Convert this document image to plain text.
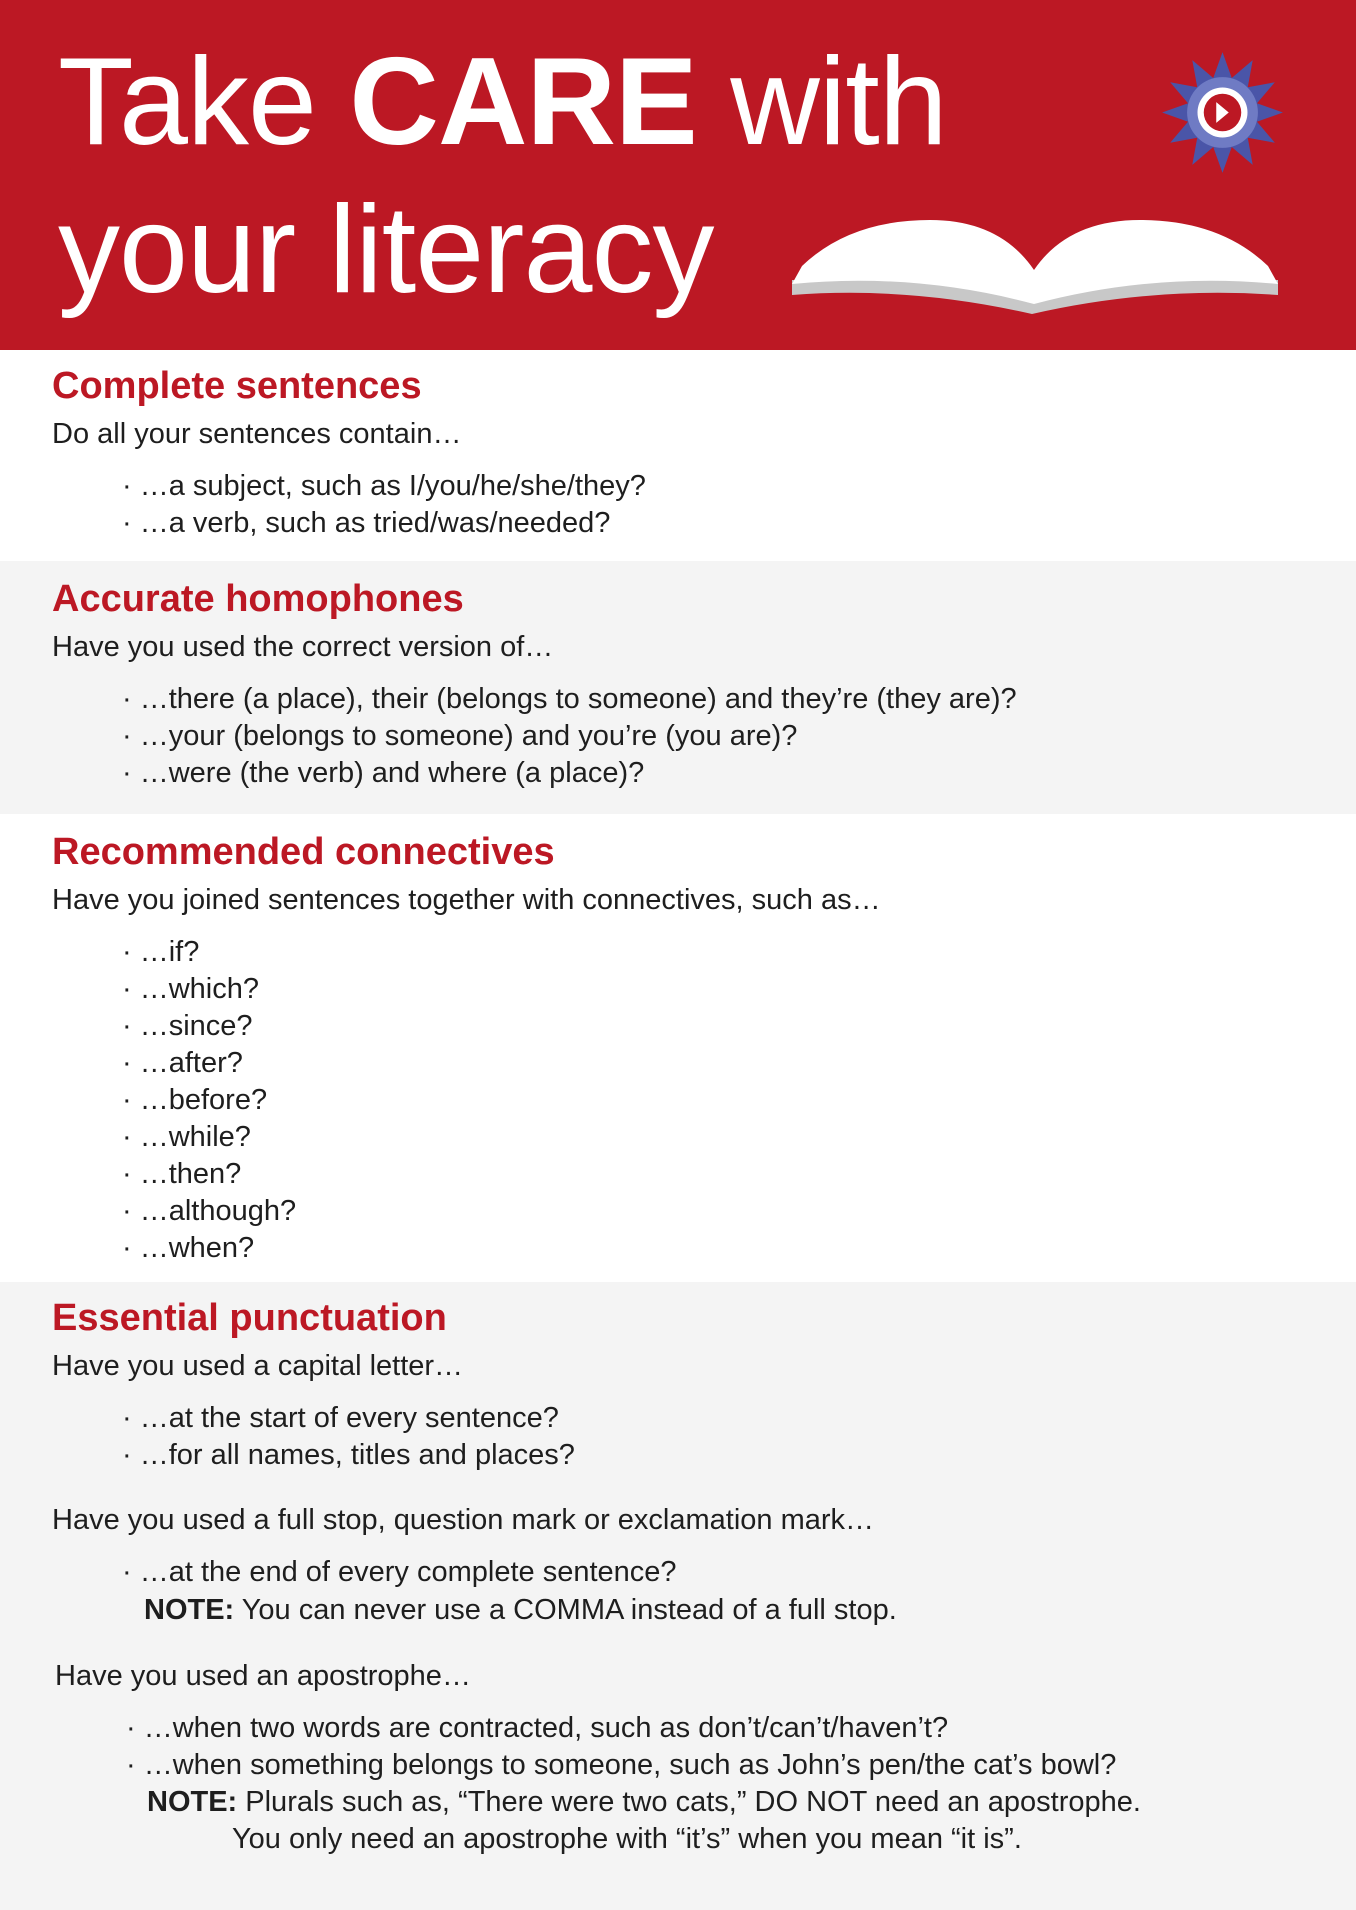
Take CARE with
your literacy
Complete sentences

Do all your sentences contain…

· …a subject, such as I/you/he/she/they?
· …a verb, such as tried/was/needed?
Accurate homophones

Have you used the correct version of…

· …there (a place), their (belongs to someone) and they’re (they are)?
· …your (belongs to someone) and you’re (you are)?
· …were (the verb) and where (a place)?
Recommended connectives

Have you joined sentences together with connectives, such as…

· …if?
· …which?
· …since?
· …after?
· …before?
· …while?
· …then?
· …although?
· …when?
Essential punctuation

Have you used a capital letter…

· …at the start of every sentence?
· …for all names, titles and places?

Have you used a full stop, question mark or exclamation mark…

· …at the end of every complete sentence?

NOTE: You can never use a COMMA instead of a full stop.

Have you used an apostrophe…

· …when two words are contracted, such as don’t/can’t/haven’t?
· …when something belongs to someone, such as John’s pen/the cat’s bowl?

NOTE: Plurals such as, “There were two cats,” DO NOT need an apostrophe.

You only need an apostrophe with “it’s” when you mean “it is”.
